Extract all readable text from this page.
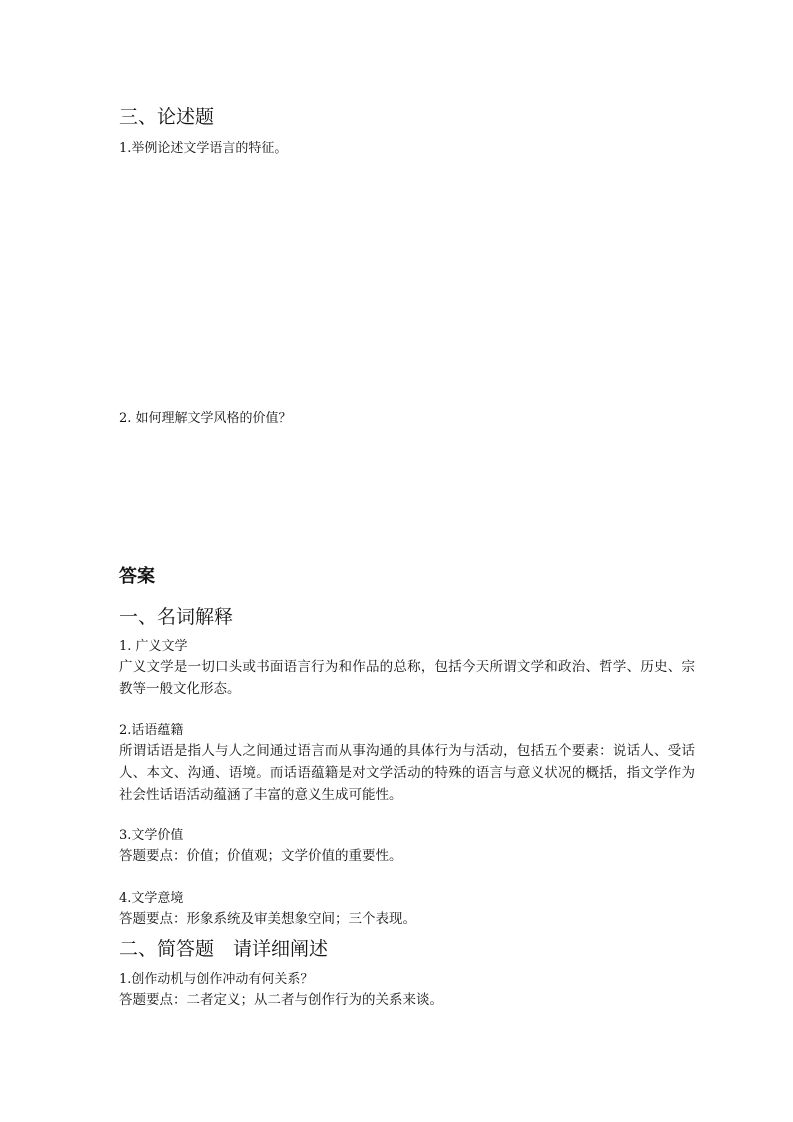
三、论述题

1.举例论述文学语言的特征。

2. 如何理解文学风格的价值？

答案
一、名词解释

1. 广义文学

广义文学是一切口头或书面语言行为和作品的总称，包括今天所谓文学和政治、哲学、历史、宗教等一般文化形态。

2.话语蕴籍

所谓话语是指人与人之间通过语言而从事沟通的具体行为与活动，包括五个要素：说话人、受话人、本文、沟通、语境。而话语蕴籍是对文学活动的特殊的语言与意义状况的概括，指文学作为社会性话语活动蕴涵了丰富的意义生成可能性。

3.文学价值

答题要点：价值；价值观；文学价值的重要性。

4.文学意境

答题要点：形象系统及审美想象空间；三个表现。

二、简答题　请详细阐述

1.创作动机与创作冲动有何关系？

答题要点：二者定义；从二者与创作行为的关系来谈。
